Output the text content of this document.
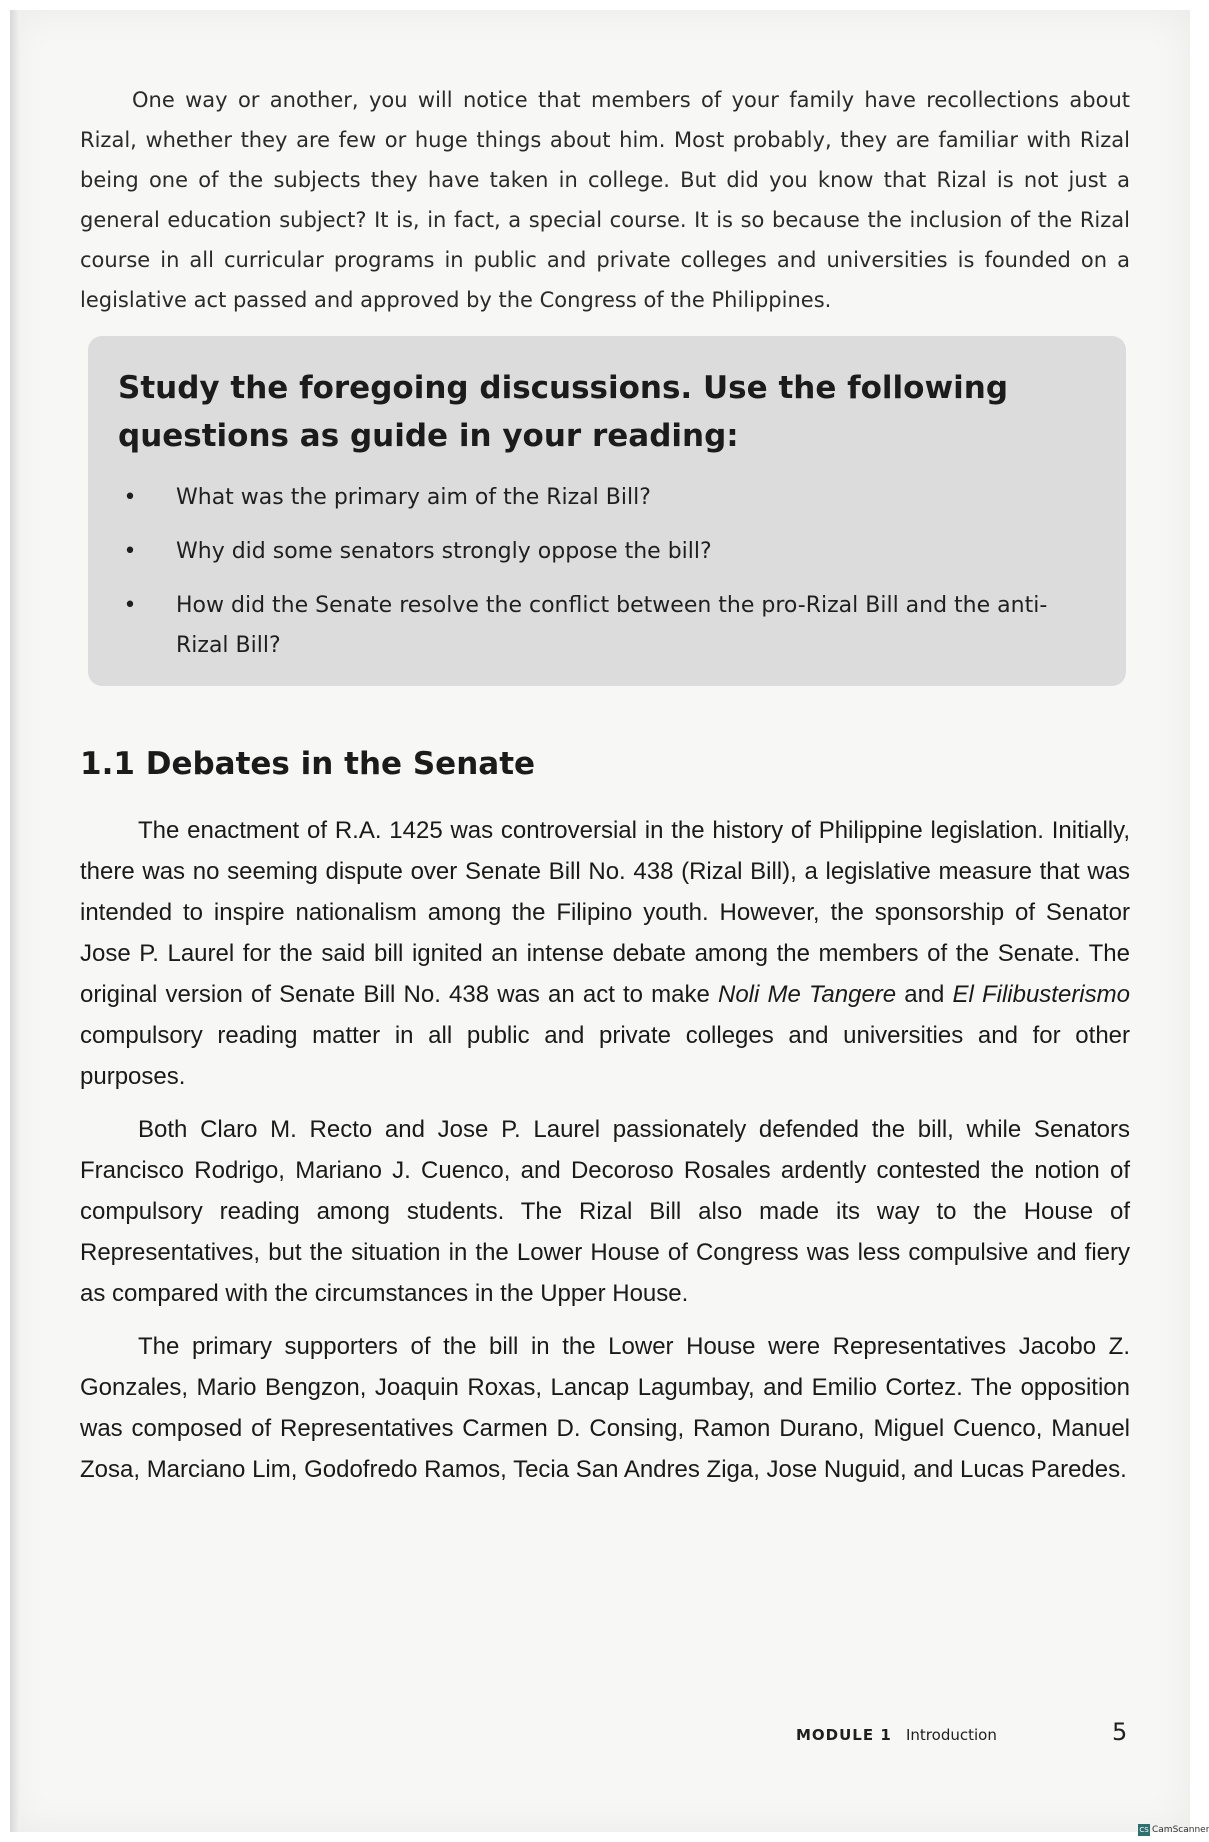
One way or another, you will notice that members of your family have recollections about Rizal, whether they are few or huge things about him. Most probably, they are familiar with Rizal being one of the subjects they have taken in college. But did you know that Rizal is not just a general education subject? It is, in fact, a special course. It is so because the inclusion of the Rizal course in all curricular programs in public and private colleges and universities is founded on a legislative act passed and approved by the Congress of the Philippines.

Study the foregoing discussions. Use the following questions as guide in your reading:
• What was the primary aim of the Rizal Bill?
• Why did some senators strongly oppose the bill?
• How did the Senate resolve the conflict between the pro-Rizal Bill and the anti-Rizal Bill?
1.1 Debates in the Senate

The enactment of R.A. 1425 was controversial in the history of Philippine legislation. Initially, there was no seeming dispute over Senate Bill No. 438 (Rizal Bill), a legislative measure that was intended to inspire nationalism among the Filipino youth. However, the sponsorship of Senator Jose P. Laurel for the said bill ignited an intense debate among the members of the Senate. The original version of Senate Bill No. 438 was an act to make Noli Me Tangere and El Filibusterismo compulsory reading matter in all public and private colleges and universities and for other purposes.

Both Claro M. Recto and Jose P. Laurel passionately defended the bill, while Senators Francisco Rodrigo, Mariano J. Cuenco, and Decoroso Rosales ardently contested the notion of compulsory reading among students. The Rizal Bill also made its way to the House of Representatives, but the situation in the Lower House of Congress was less compulsive and fiery as compared with the circumstances in the Upper House.

The primary supporters of the bill in the Lower House were Representatives Jacobo Z. Gonzales, Mario Bengzon, Joaquin Roxas, Lancap Lagumbay, and Emilio Cortez. The opposition was composed of Representatives Carmen D. Consing, Ramon Durano, Miguel Cuenco, Manuel Zosa, Marciano Lim, Godofredo Ramos, Tecia San Andres Ziga, Jose Nuguid, and Lucas Paredes.

MODULE 1 Introduction	5
CS CamScanner
